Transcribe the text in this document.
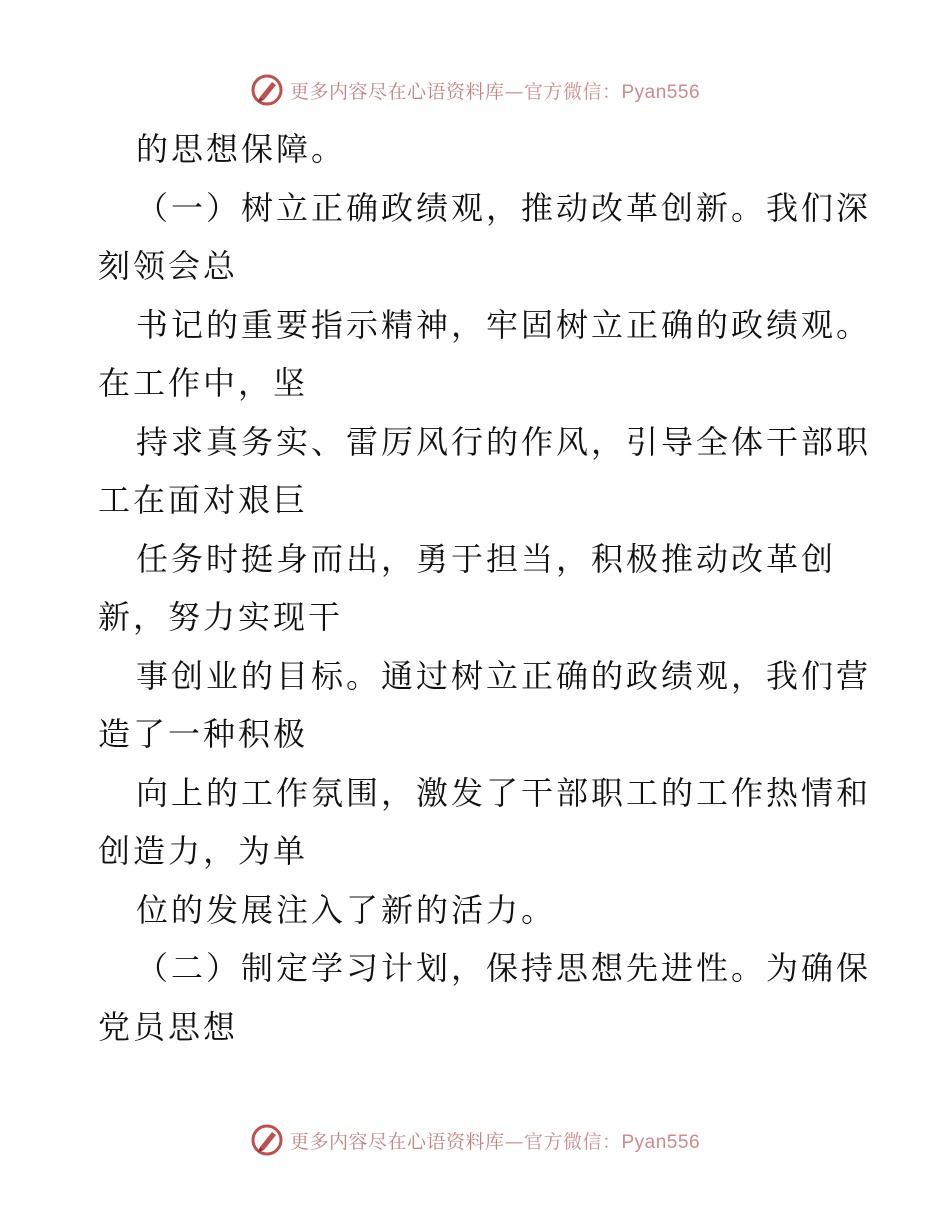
更多内容尽在心语资料库—官方微信：Pyan556
的思想保障。
（一）树立正确政绩观，推动改革创新。我们深
刻领会总
书记的重要指示精神，牢固树立正确的政绩观。
在工作中，坚
持求真务实、雷厉风行的作风，引导全体干部职
工在面对艰巨
任务时挺身而出，勇于担当，积极推动改革创
新，努力实现干
事创业的目标。通过树立正确的政绩观，我们营
造了一种积极
向上的工作氛围，激发了干部职工的工作热情和
创造力，为单
位的发展注入了新的活力。
（二）制定学习计划，保持思想先进性。为确保
党员思想
更多内容尽在心语资料库—官方微信：Pyan556
